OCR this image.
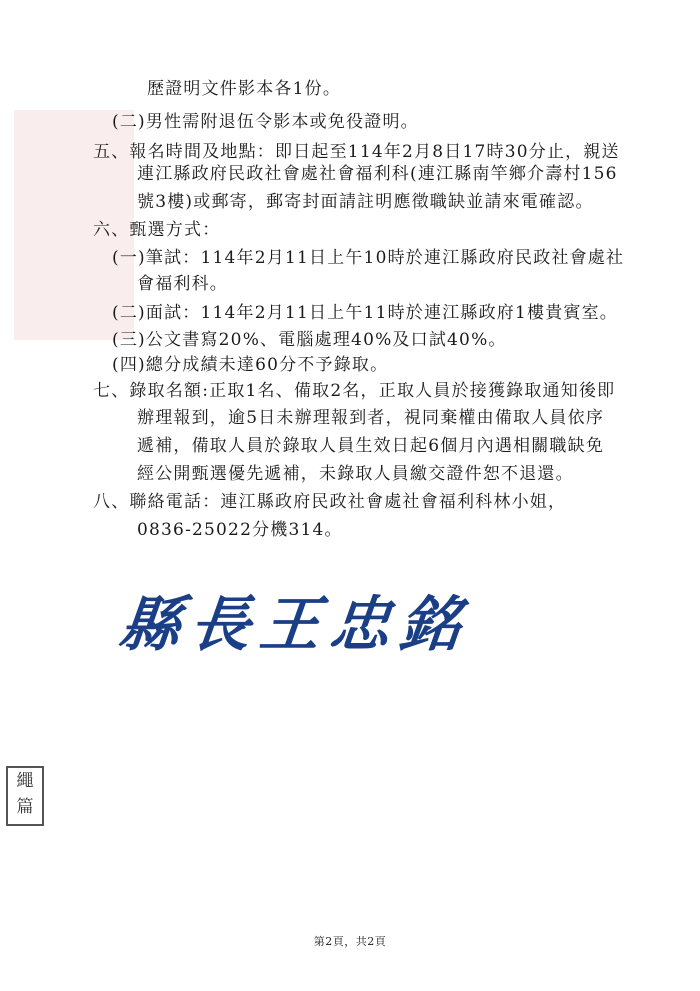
歷證明文件影本各1份。
(二)男性需附退伍令影本或免役證明。
五、報名時間及地點：即日起至114年2月8日17時30分止，親送
連江縣政府民政社會處社會福利科(連江縣南竿鄉介壽村156
號3樓)或郵寄，郵寄封面請註明應徵職缺並請來電確認。
六、甄選方式：
(一)筆試：114年2月11日上午10時於連江縣政府民政社會處社
會福利科。
(二)面試：114年2月11日上午11時於連江縣政府1樓貴賓室。
(三)公文書寫20%、電腦處理40%及口試40%。
(四)總分成績未達60分不予錄取。
七、錄取名額:正取1名、備取2名，正取人員於接獲錄取通知後即
辦理報到，逾5日未辦理報到者，視同棄權由備取人員依序
遞補，備取人員於錄取人員生效日起6個月內遇相關職缺免
經公開甄選優先遞補，未錄取人員繳交證件恕不退還。
八、聯絡電話：連江縣政府民政社會處社會福利科林小姐，
0836-25022分機314。
縣長王忠銘
繩
篇
第2頁，共2頁
